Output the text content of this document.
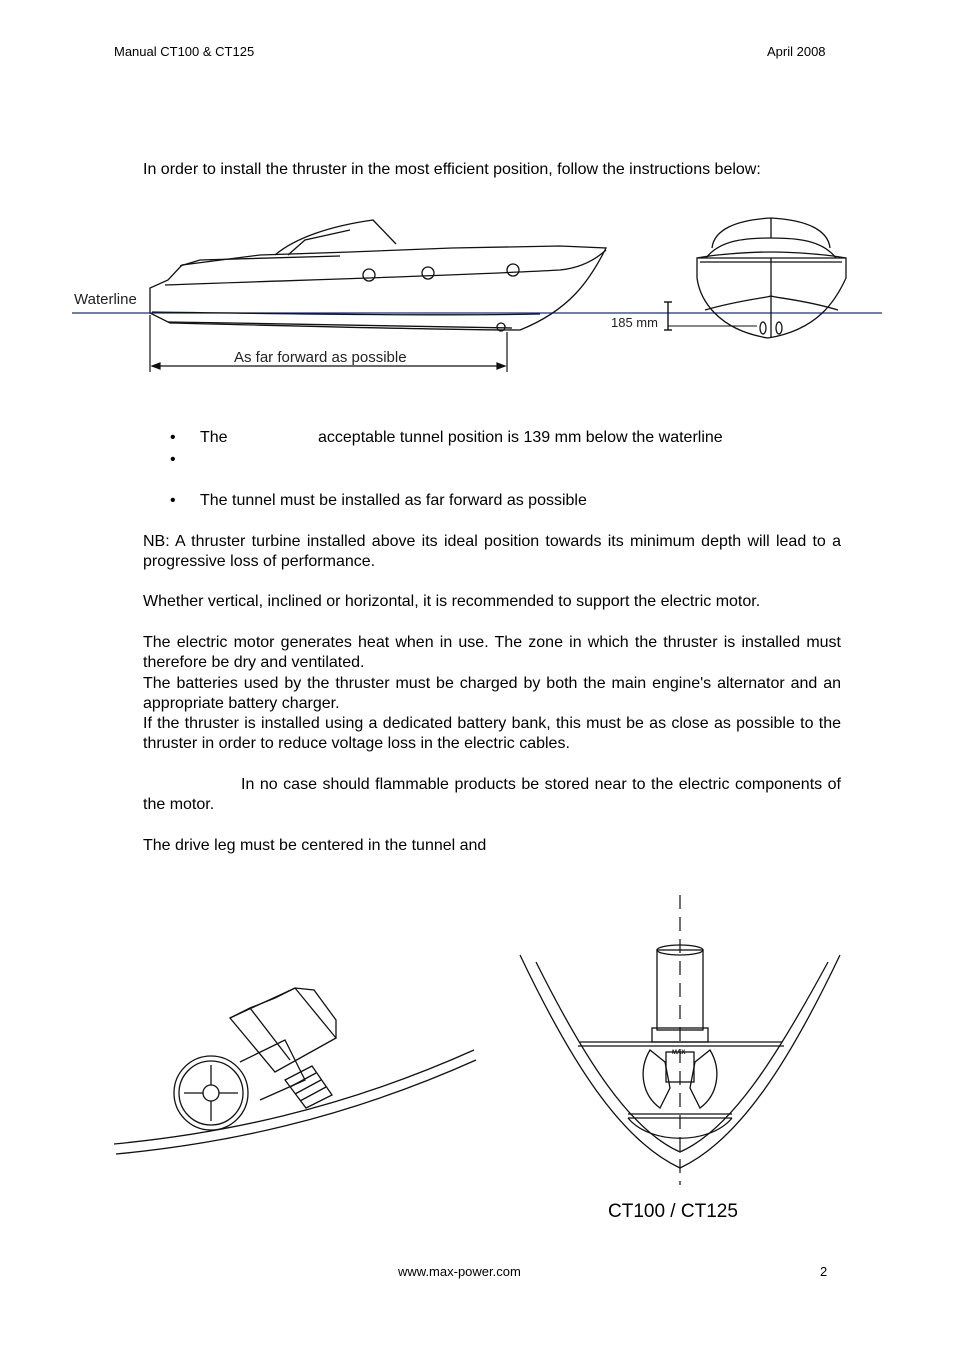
Manual CT100 & CT125	April 2008
In order to install the thruster in the most efficient position, follow the instructions below:
Waterline
As far forward as possible
185 mm
• The	acceptable tunnel position is 139 mm below the waterline
•
• The tunnel must be installed as far forward as possible
NB: A thruster turbine installed above its ideal position towards its minimum depth will lead to a progressive loss of performance.
Whether vertical, inclined or horizontal, it is recommended to support the electric motor.
The electric motor generates heat when in use. The zone in which the thruster is installed must therefore be dry and ventilated.
The batteries used by the thruster must be charged by both the main engine's alternator and an appropriate battery charger.
If the thruster is installed using a dedicated battery bank, this must be as close as possible to the thruster in order to reduce voltage loss in the electric cables.
In no case should flammable products be stored near to the electric components of the motor.
The drive leg must be centered in the tunnel and
MAX
CT100 / CT125
www.max-power.com	2
